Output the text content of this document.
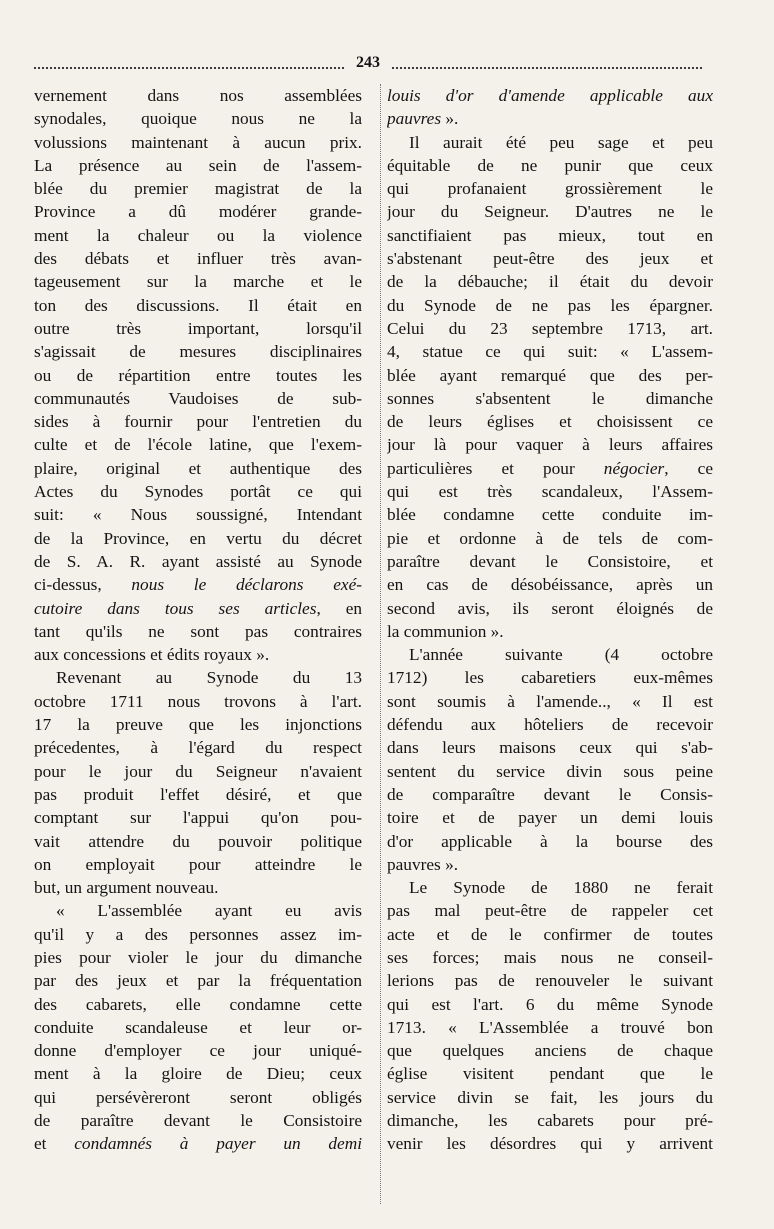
243
vernement dans nos assemblées
synodales, quoique nous ne la
volussions maintenant à aucun prix.
La présence au sein de l'assem-
blée du premier magistrat de la
Province a dû modérer grande-
ment la chaleur ou la violence
des débats et influer très avan-
tageusement sur la marche et le
ton des discussions. Il était en
outre très important, lorsqu'il
s'agissait de mesures disciplinaires
ou de répartition entre toutes les
communautés Vaudoises de sub-
sides à fournir pour l'entretien du
culte et de l'école latine, que l'exem-
plaire, original et authentique des
Actes du Synodes portât ce qui
suit: « Nous soussigné, Intendant
de la Province, en vertu du décret
de S. A. R. ayant assisté au Synode
ci-dessus, nous le déclarons exé-
cutoire dans tous ses articles, en
tant qu'ils ne sont pas contraires
aux concessions et édits royaux ».
Revenant au Synode du 13
octobre 1711 nous trovons à l'art.
17 la preuve que les injonctions
précedentes, à l'égard du respect
pour le jour du Seigneur n'avaient
pas produit l'effet désiré, et que
comptant sur l'appui qu'on pou-
vait attendre du pouvoir politique
on employait pour atteindre le
but, un argument nouveau.
« L'assemblée ayant eu avis
qu'il y a des personnes assez im-
pies pour violer le jour du dimanche
par des jeux et par la fréquentation
des cabarets, elle condamne cette
conduite scandaleuse et leur or-
donne d'employer ce jour uniqué-
ment à la gloire de Dieu; ceux
qui persévèreront seront obligés
de paraître devant le Consistoire
et condamnés à payer un demi
louis d'or d'amende applicable aux
pauvres ».
Il aurait été peu sage et peu
équitable de ne punir que ceux
qui profanaient grossièrement le
jour du Seigneur. D'autres ne le
sanctifiaient pas mieux, tout en
s'abstenant peut-être des jeux et
de la débauche; il était du devoir
du Synode de ne pas les épargner.
Celui du 23 septembre 1713, art.
4, statue ce qui suit: « L'assem-
blée ayant remarqué que des per-
sonnes s'absentent le dimanche
de leurs églises et choisissent ce
jour là pour vaquer à leurs affaires
particulières et pour négocier, ce
qui est très scandaleux, l'Assem-
blée condamne cette conduite im-
pie et ordonne à de tels de com-
paraître devant le Consistoire, et
en cas de désobéissance, après un
second avis, ils seront éloignés de
la communion ».
L'année suivante (4 octobre
1712) les cabaretiers eux-mêmes
sont soumis à l'amende.., « Il est
défendu aux hôteliers de recevoir
dans leurs maisons ceux qui s'ab-
sentent du service divin sous peine
de comparaître devant le Consis-
toire et de payer un demi louis
d'or applicable à la bourse des
pauvres ».
Le Synode de 1880 ne ferait
pas mal peut-être de rappeler cet
acte et de le confirmer de toutes
ses forces; mais nous ne conseil-
lerions pas de renouveler le suivant
qui est l'art. 6 du même Synode
1713. « L'Assemblée a trouvé bon
que quelques anciens de chaque
église visitent pendant que le
service divin se fait, les jours du
dimanche, les cabarets pour pré-
venir les désordres qui y arrivent
